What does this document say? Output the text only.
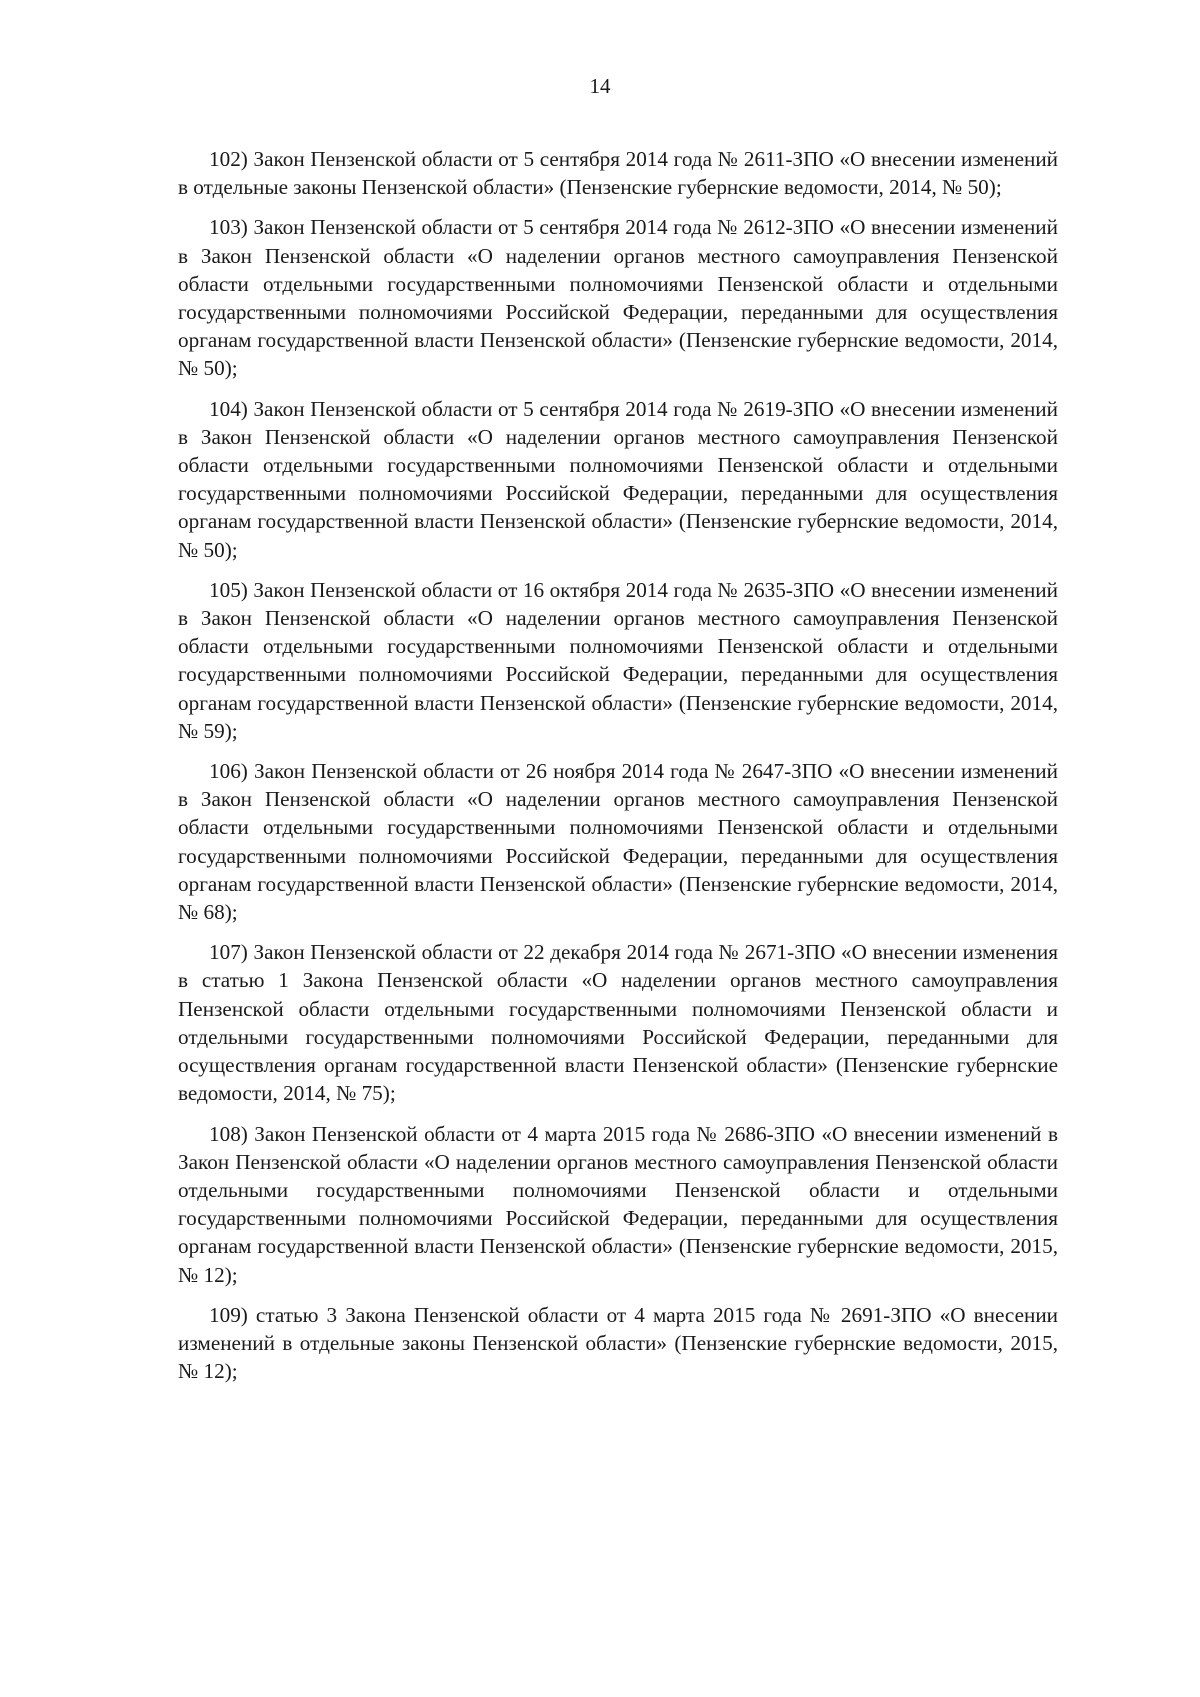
14

102) Закон Пензенской области от 5 сентября 2014 года № 2611-ЗПО «О внесении изменений в отдельные законы Пензенской области» (Пензенские губернские ведомости, 2014, № 50);

103) Закон Пензенской области от 5 сентября 2014 года № 2612-ЗПО «О внесении изменений в Закон Пензенской области «О наделении органов местного самоуправления Пензенской области отдельными государственными полномочиями Пензенской области и отдельными государственными полномочиями Российской Федерации, переданными для осуществления органам государственной власти Пензенской области» (Пензенские губернские ведомости, 2014, № 50);

104) Закон Пензенской области от 5 сентября 2014 года № 2619-ЗПО «О внесении изменений в Закон Пензенской области «О наделении органов местного самоуправления Пензенской области отдельными государственными полномочиями Пензенской области и отдельными государственными полномочиями Российской Федерации, переданными для осуществления органам государственной власти Пензенской области» (Пензенские губернские ведомости, 2014, № 50);

105) Закон Пензенской области от 16 октября 2014 года № 2635-ЗПО «О внесении изменений в Закон Пензенской области «О наделении органов местного самоуправления Пензенской области отдельными государственными полномочиями Пензенской области и отдельными государственными полномочиями Российской Федерации, переданными для осуществления органам государственной власти Пензенской области» (Пензенские губернские ведомости, 2014, № 59);

106) Закон Пензенской области от 26 ноября 2014 года № 2647-ЗПО «О внесении изменений в Закон Пензенской области «О наделении органов местного самоуправления Пензенской области отдельными государственными полномочиями Пензенской области и отдельными государственными полномочиями Российской Федерации, переданными для осуществления органам государственной власти Пензенской области» (Пензенские губернские ведомости, 2014, № 68);

107) Закон Пензенской области от 22 декабря 2014 года № 2671-ЗПО «О внесении изменения в статью 1 Закона Пензенской области «О наделении органов местного самоуправления Пензенской области отдельными государственными полномочиями Пензенской области и отдельными государственными полномочиями Российской Федерации, переданными для осуществления органам государственной власти Пензенской области» (Пензенские губернские ведомости, 2014, № 75);

108) Закон Пензенской области от 4 марта 2015 года № 2686-ЗПО «О внесении изменений в Закон Пензенской области «О наделении органов местного самоуправления Пензенской области отдельными государственными полномочиями Пензенской области и отдельными государственными полномочиями Российской Федерации, переданными для осуществления органам государственной власти Пензенской области» (Пензенские губернские ведомости, 2015, № 12);

109) статью 3 Закона Пензенской области от 4 марта 2015 года № 2691-ЗПО «О внесении изменений в отдельные законы Пензенской области» (Пензенские губернские ведомости, 2015, № 12);
